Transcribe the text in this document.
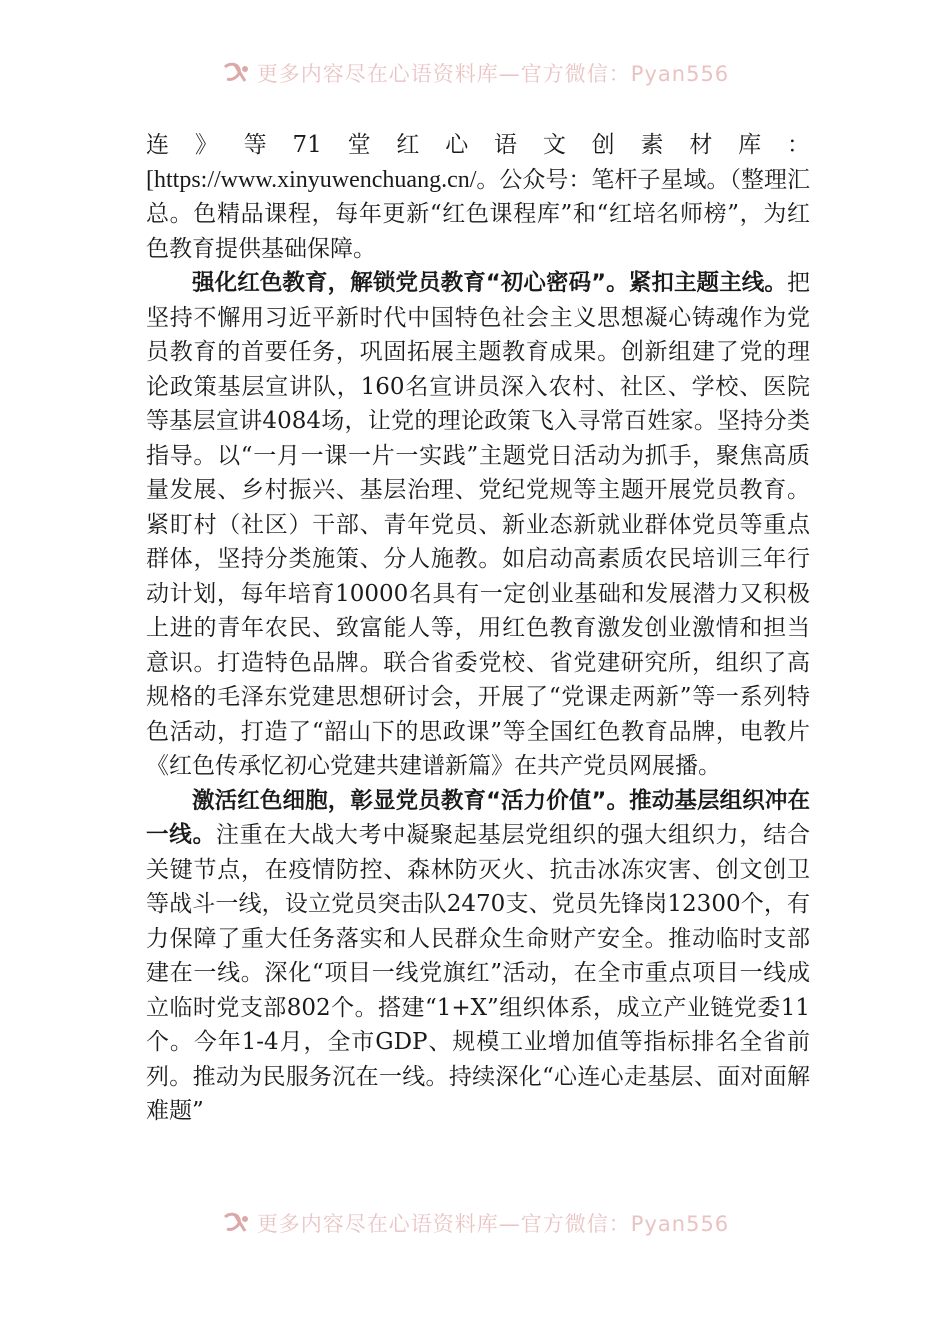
更多内容尽在心语资料库—官方微信：Pyan556

连》等71堂红心语文创素材库：[https://www.xinyuwenchuang.cn/。公众号：笔杆子星域。（整理汇总。色精品课程，每年更新“红色课程库”和“红培名师榜”，为红色教育提供基础保障。

强化红色教育，解锁党员教育“初心密码”。紧扣主题主线。把坚持不懈用习近平新时代中国特色社会主义思想凝心铸魂作为党员教育的首要任务，巩固拓展主题教育成果。创新组建了党的理论政策基层宣讲队，160名宣讲员深入农村、社区、学校、医院等基层宣讲4084场，让党的理论政策飞入寻常百姓家。坚持分类指导。以“一月一课一片一实践”主题党日活动为抓手，聚焦高质量发展、乡村振兴、基层治理、党纪党规等主题开展党员教育。紧盯村（社区）干部、青年党员、新业态新就业群体党员等重点群体，坚持分类施策、分人施教。如启动高素质农民培训三年行动计划，每年培育10000名具有一定创业基础和发展潜力又积极上进的青年农民、致富能人等，用红色教育激发创业激情和担当意识。打造特色品牌。联合省委党校、省党建研究所，组织了高规格的毛泽东党建思想研讨会，开展了“党课走两新”等一系列特色活动，打造了“韶山下的思政课”等全国红色教育品牌，电教片《红色传承忆初心党建共建谱新篇》在共产党员网展播。

激活红色细胞，彰显党员教育“活力价值”。推动基层组织冲在一线。注重在大战大考中凝聚起基层党组织的强大组织力，结合关键节点，在疫情防控、森林防灭火、抗击冰冻灾害、创文创卫等战斗一线，设立党员突击队2470支、党员先锋岗12300个，有力保障了重大任务落实和人民群众生命财产安全。推动临时支部建在一线。深化“项目一线党旗红”活动，在全市重点项目一线成立临时党支部802个。搭建“1+X”组织体系，成立产业链党委11个。今年1-4月，全市GDP、规模工业增加值等指标排名全省前列。推动为民服务沉在一线。持续深化“心连心走基层、面对面解难题”

更多内容尽在心语资料库—官方微信：Pyan556
